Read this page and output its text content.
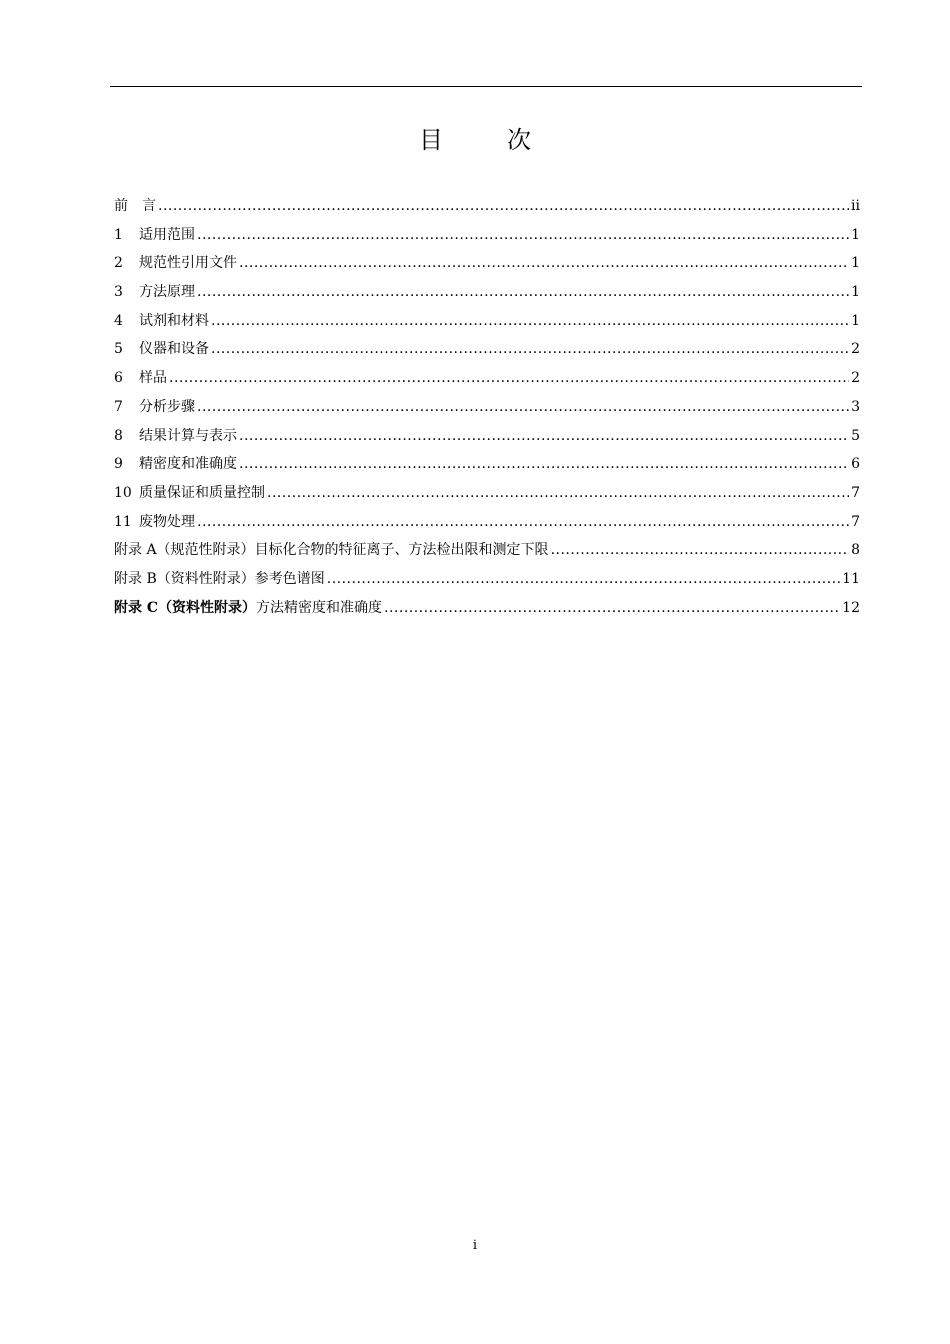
目　次
前　言 .....	ii
1	适用范围 .....	1
2	规范性引用文件 .....	1
3	方法原理 .....	1
4	试剂和材料 .....	1
5	仪器和设备 .....	2
6	样品 .....	2
7	分析步骤 .....	3
8	结果计算与表示 .....	5
9	精密度和准确度 .....	6
10 质量保证和质量控制 .....	7
11 废物处理 .....	7
附录 A（规范性附录） 目标化合物的特征离子、方法检出限和测定下限 .....	8
附录 B（资料性附录） 参考色谱图 .....	11
附录 C（资料性附录） 方法精密度和准确度 .....	12
i
